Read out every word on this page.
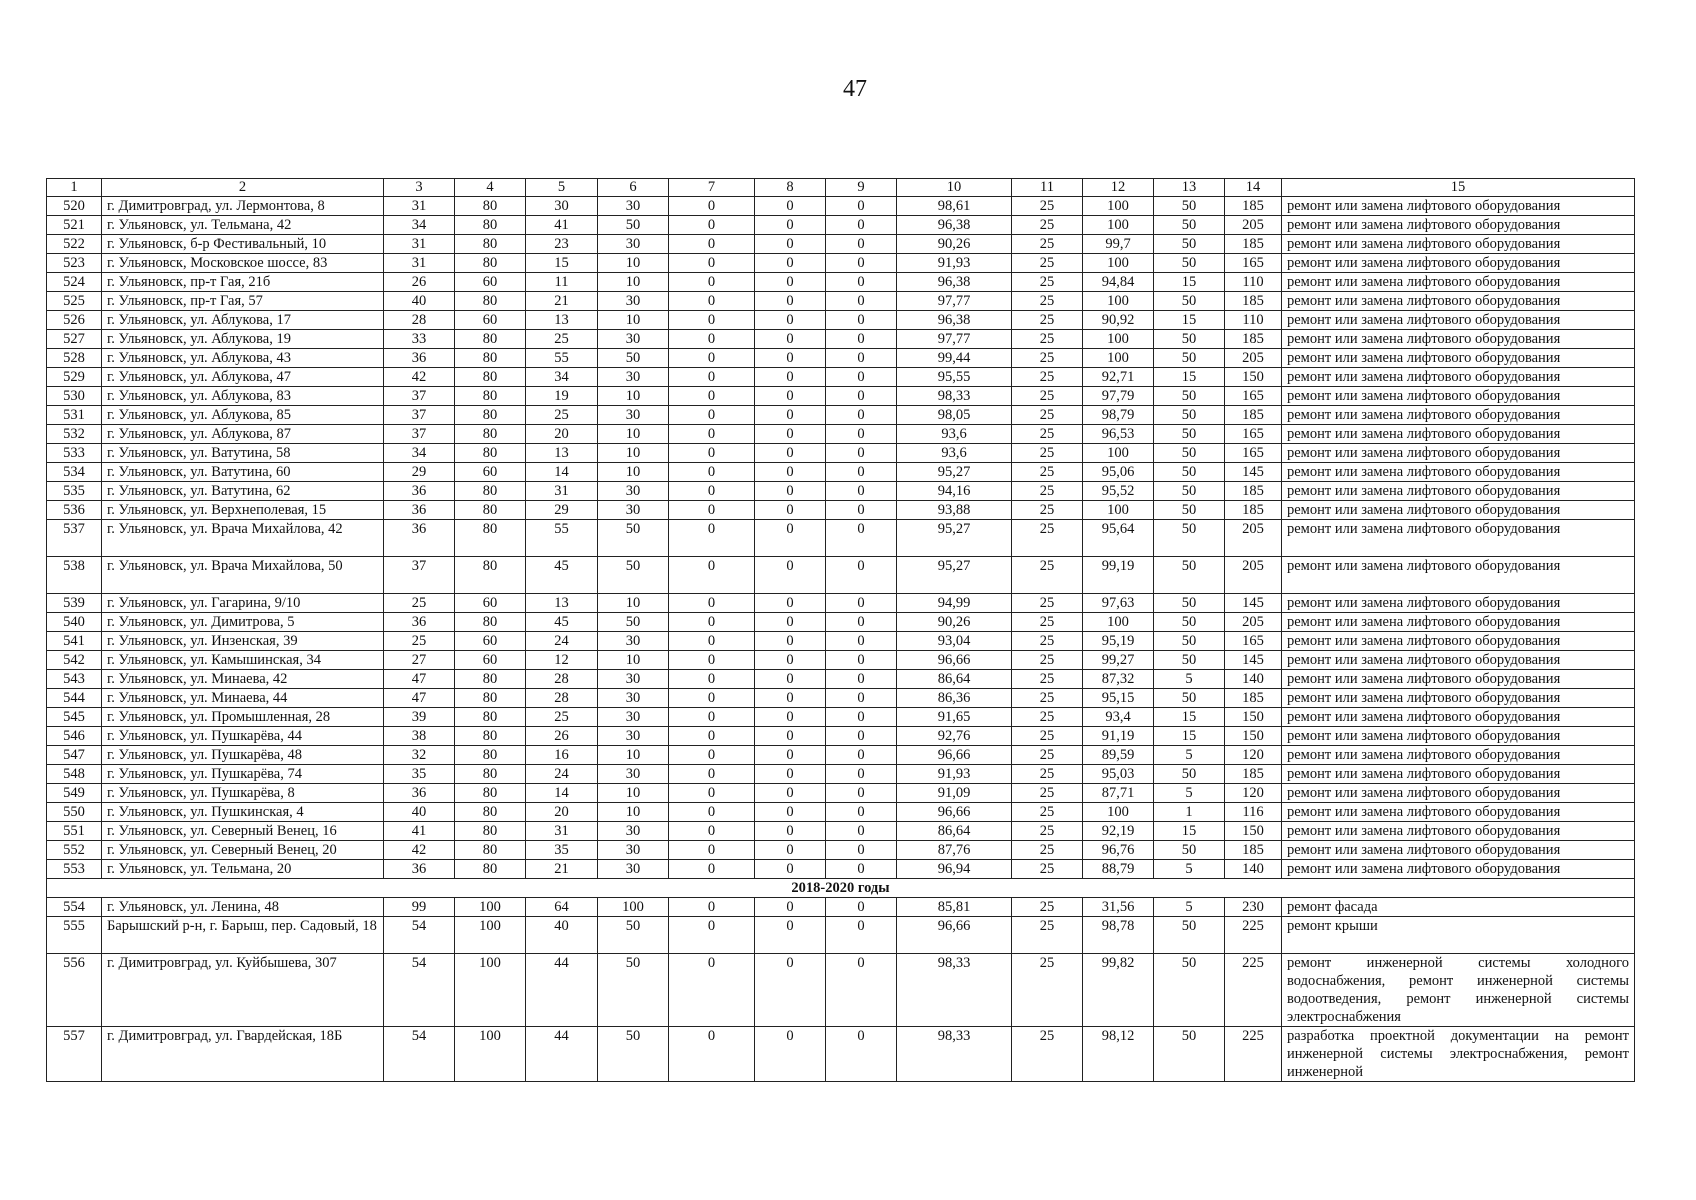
47
1	2	3	4	5	6	7	8	9	10	11	12	13	14	15
520	г. Димитровград, ул. Лермонтова, 8	31	80	30	30	0	0	0	98,61	25	100	50	185	ремонт или замена лифтового оборудования
521	г. Ульяновск, ул. Тельмана, 42	34	80	41	50	0	0	0	96,38	25	100	50	205	ремонт или замена лифтового оборудования
522	г. Ульяновск, б-р Фестивальный, 10	31	80	23	30	0	0	0	90,26	25	99,7	50	185	ремонт или замена лифтового оборудования
523	г. Ульяновск, Московское шоссе, 83	31	80	15	10	0	0	0	91,93	25	100	50	165	ремонт или замена лифтового оборудования
524	г. Ульяновск, пр-т Гая, 21б	26	60	11	10	0	0	0	96,38	25	94,84	15	110	ремонт или замена лифтового оборудования
525	г. Ульяновск, пр-т Гая, 57	40	80	21	30	0	0	0	97,77	25	100	50	185	ремонт или замена лифтового оборудования
526	г. Ульяновск, ул. Аблукова, 17	28	60	13	10	0	0	0	96,38	25	90,92	15	110	ремонт или замена лифтового оборудования
527	г. Ульяновск, ул. Аблукова, 19	33	80	25	30	0	0	0	97,77	25	100	50	185	ремонт или замена лифтового оборудования
528	г. Ульяновск, ул. Аблукова, 43	36	80	55	50	0	0	0	99,44	25	100	50	205	ремонт или замена лифтового оборудования
529	г. Ульяновск, ул. Аблукова, 47	42	80	34	30	0	0	0	95,55	25	92,71	15	150	ремонт или замена лифтового оборудования
530	г. Ульяновск, ул. Аблукова, 83	37	80	19	10	0	0	0	98,33	25	97,79	50	165	ремонт или замена лифтового оборудования
531	г. Ульяновск, ул. Аблукова, 85	37	80	25	30	0	0	0	98,05	25	98,79	50	185	ремонт или замена лифтового оборудования
532	г. Ульяновск, ул. Аблукова, 87	37	80	20	10	0	0	0	93,6	25	96,53	50	165	ремонт или замена лифтового оборудования
533	г. Ульяновск, ул. Ватутина, 58	34	80	13	10	0	0	0	93,6	25	100	50	165	ремонт или замена лифтового оборудования
534	г. Ульяновск, ул. Ватутина, 60	29	60	14	10	0	0	0	95,27	25	95,06	50	145	ремонт или замена лифтового оборудования
535	г. Ульяновск, ул. Ватутина, 62	36	80	31	30	0	0	0	94,16	25	95,52	50	185	ремонт или замена лифтового оборудования
536	г. Ульяновск, ул. Верхнеполевая, 15	36	80	29	30	0	0	0	93,88	25	100	50	185	ремонт или замена лифтового оборудования
537	г. Ульяновск, ул. Врача Михайлова, 42	36	80	55	50	0	0	0	95,27	25	95,64	50	205	ремонт или замена лифтового оборудования
538	г. Ульяновск, ул. Врача Михайлова, 50	37	80	45	50	0	0	0	95,27	25	99,19	50	205	ремонт или замена лифтового оборудования
539	г. Ульяновск, ул. Гагарина, 9/10	25	60	13	10	0	0	0	94,99	25	97,63	50	145	ремонт или замена лифтового оборудования
540	г. Ульяновск, ул. Димитрова, 5	36	80	45	50	0	0	0	90,26	25	100	50	205	ремонт или замена лифтового оборудования
541	г. Ульяновск, ул. Инзенская, 39	25	60	24	30	0	0	0	93,04	25	95,19	50	165	ремонт или замена лифтового оборудования
542	г. Ульяновск, ул. Камышинская, 34	27	60	12	10	0	0	0	96,66	25	99,27	50	145	ремонт или замена лифтового оборудования
543	г. Ульяновск, ул. Минаева, 42	47	80	28	30	0	0	0	86,64	25	87,32	5	140	ремонт или замена лифтового оборудования
544	г. Ульяновск, ул. Минаева, 44	47	80	28	30	0	0	0	86,36	25	95,15	50	185	ремонт или замена лифтового оборудования
545	г. Ульяновск, ул. Промышленная, 28	39	80	25	30	0	0	0	91,65	25	93,4	15	150	ремонт или замена лифтового оборудования
546	г. Ульяновск, ул. Пушкарёва, 44	38	80	26	30	0	0	0	92,76	25	91,19	15	150	ремонт или замена лифтового оборудования
547	г. Ульяновск, ул. Пушкарёва, 48	32	80	16	10	0	0	0	96,66	25	89,59	5	120	ремонт или замена лифтового оборудования
548	г. Ульяновск, ул. Пушкарёва, 74	35	80	24	30	0	0	0	91,93	25	95,03	50	185	ремонт или замена лифтового оборудования
549	г. Ульяновск, ул. Пушкарёва, 8	36	80	14	10	0	0	0	91,09	25	87,71	5	120	ремонт или замена лифтового оборудования
550	г. Ульяновск, ул. Пушкинская, 4	40	80	20	10	0	0	0	96,66	25	100	1	116	ремонт или замена лифтового оборудования
551	г. Ульяновск, ул. Северный Венец, 16	41	80	31	30	0	0	0	86,64	25	92,19	15	150	ремонт или замена лифтового оборудования
552	г. Ульяновск, ул. Северный Венец, 20	42	80	35	30	0	0	0	87,76	25	96,76	50	185	ремонт или замена лифтового оборудования
553	г. Ульяновск, ул. Тельмана, 20	36	80	21	30	0	0	0	96,94	25	88,79	5	140	ремонт или замена лифтового оборудования
2018-2020 годы														
554	г. Ульяновск, ул. Ленина, 48	99	100	64	100	0	0	0	85,81	25	31,56	5	230	ремонт фасада
555	Барышский р-н, г. Барыш, пер. Садовый, 18	54	100	40	50	0	0	0	96,66	25	98,78	50	225	ремонт крыши
556	г. Димитровград, ул. Куйбышева, 307	54	100	44	50	0	0	0	98,33	25	99,82	50	225	ремонт инженерной системы холодного водоснабжения, ремонт инженерной системы водоотведения, ремонт инженерной системы электроснабжения
557	г. Димитровград, ул. Гвардейская, 18Б	54	100	44	50	0	0	0	98,33	25	98,12	50	225	разработка проектной документации на ремонт инженерной системы электроснабжения, ремонт инженерной
